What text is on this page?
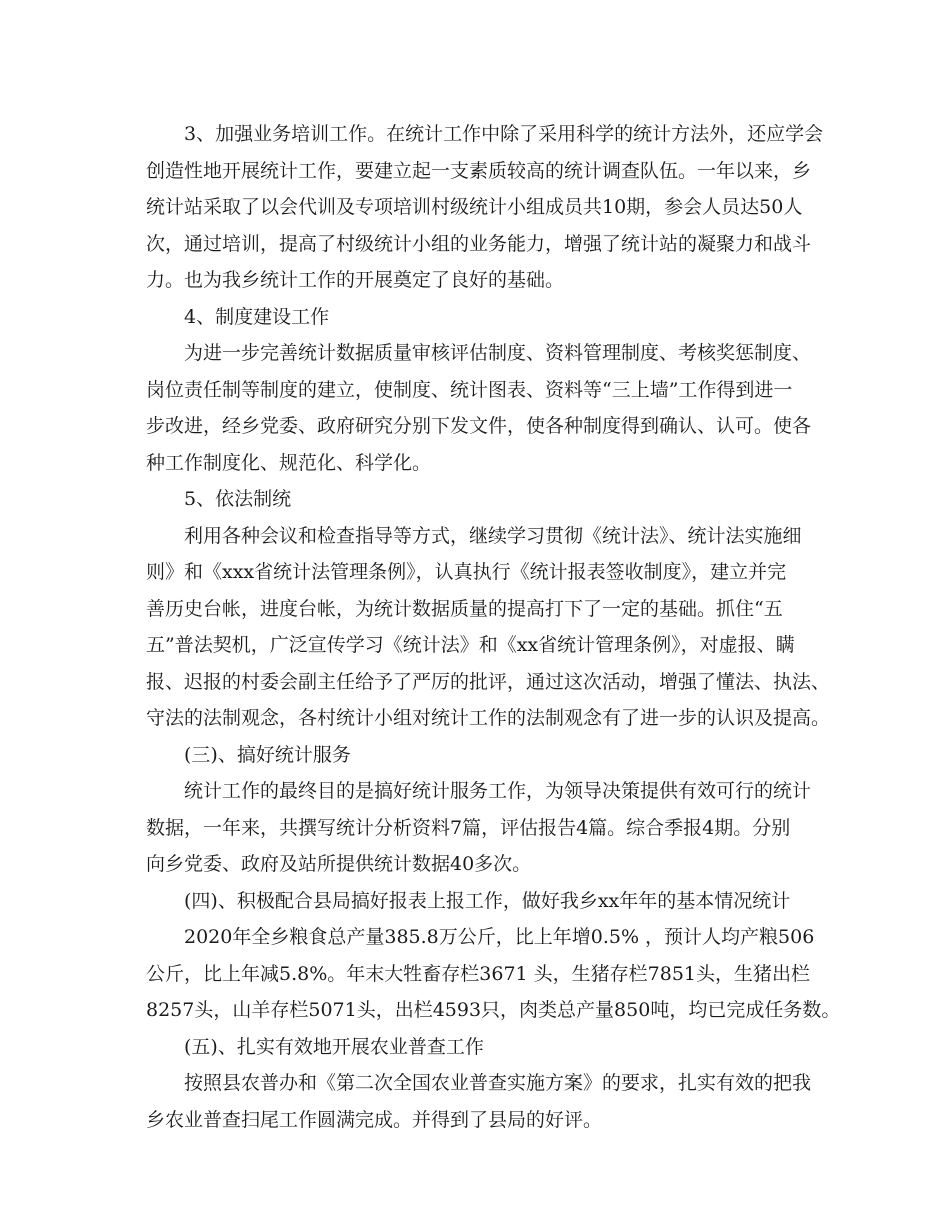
3、加强业务培训工作。在统计工作中除了采用科学的统计方法外，还应学会
创造性地开展统计工作，要建立起一支素质较高的统计调查队伍。一年以来，乡
统计站采取了以会代训及专项培训村级统计小组成员共10期，参会人员达50人
次，通过培训，提高了村级统计小组的业务能力，增强了统计站的凝聚力和战斗
力。也为我乡统计工作的开展奠定了良好的基础。
4、制度建设工作
为进一步完善统计数据质量审核评估制度、资料管理制度、考核奖惩制度、
岗位责任制等制度的建立，使制度、统计图表、资料等“三上墙”工作得到进一
步改进，经乡党委、政府研究分别下发文件，使各种制度得到确认、认可。使各
种工作制度化、规范化、科学化。
5、依法制统
利用各种会议和检查指导等方式，继续学习贯彻《统计法》、统计法实施细
则》和《xxx省统计法管理条例》，认真执行《统计报表签收制度》，建立并完
善历史台帐，进度台帐，为统计数据质量的提高打下了一定的基础。抓住“五
五”普法契机，广泛宣传学习《统计法》和《xx省统计管理条例》，对虚报、瞒
报、迟报的村委会副主任给予了严厉的批评，通过这次活动，增强了懂法、执法、
守法的法制观念，各村统计小组对统计工作的法制观念有了进一步的认识及提高。
(三)、搞好统计服务
统计工作的最终目的是搞好统计服务工作，为领导决策提供有效可行的统计
数据，一年来，共撰写统计分析资料7篇，评估报告4篇。综合季报4期。分别
向乡党委、政府及站所提供统计数据40多次。
(四)、积极配合县局搞好报表上报工作，做好我乡xx年年的基本情况统计
2020年全乡粮食总产量385.8万公斤，比上年增0.5% ，预计人均产粮506
公斤，比上年减5.8%。年末大牲畜存栏3671 头，生猪存栏7851头，生猪出栏
8257头，山羊存栏5071头，出栏4593只，肉类总产量850吨，均已完成任务数。
(五)、扎实有效地开展农业普查工作
按照县农普办和《第二次全国农业普查实施方案》的要求，扎实有效的把我
乡农业普查扫尾工作圆满完成。并得到了县局的好评。
